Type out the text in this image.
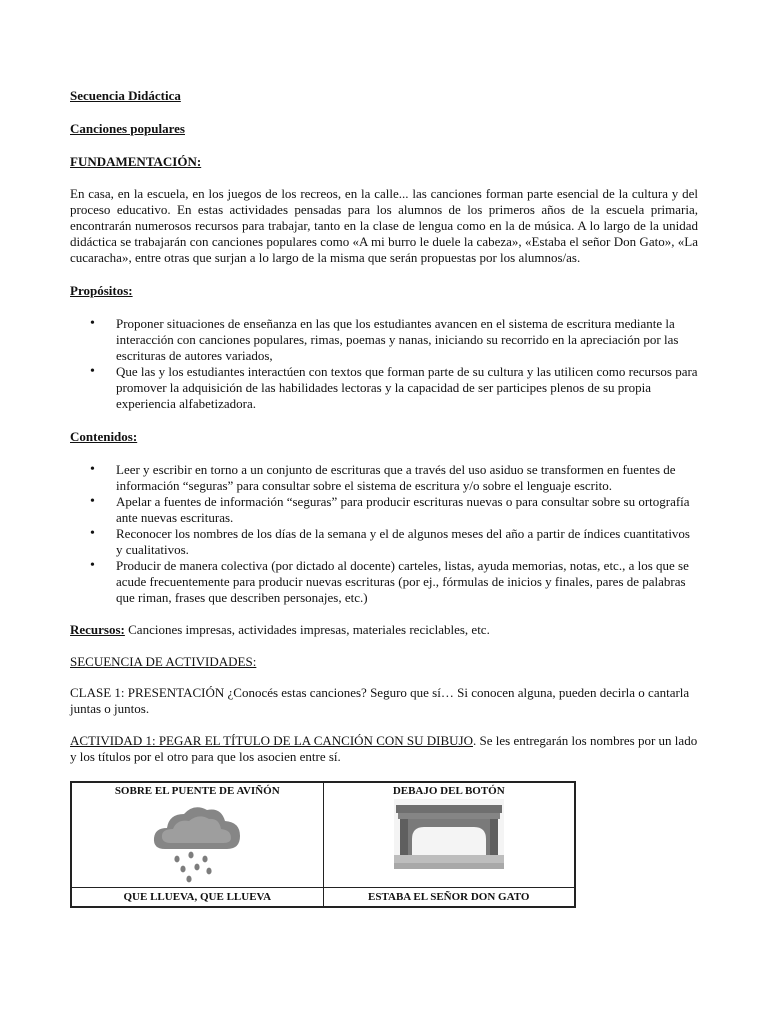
Secuencia Didáctica

Canciones populares

FUNDAMENTACIÓN:

En casa, en la escuela, en los juegos de los recreos, en la calle... las canciones forman parte esencial de la cultura y del proceso educativo. En estas actividades pensadas para los alumnos de los primeros años de la escuela primaria, encontrarán numerosos recursos para trabajar, tanto en la clase de lengua como en la de música. A lo largo de la unidad didáctica se trabajarán con canciones populares como «A mi burro le duele la cabeza», «Estaba el señor Don Gato», «La cucaracha», entre otras que surjan a lo largo de la misma que serán propuestas por los alumnos/as.

Propósitos:

• Proponer situaciones de enseñanza en las que los estudiantes avancen en el sistema de escritura mediante la interacción con canciones populares, rimas, poemas y nanas, iniciando su recorrido en la apreciación por las escrituras de autores variados,
• Que las y los estudiantes interactúen con textos que forman parte de su cultura y las utilicen como recursos para promover la adquisición de las habilidades lectoras y la capacidad de ser participes plenos de su propia experiencia alfabetizadora.

Contenidos:

• Leer y escribir en torno a un conjunto de escrituras que a través del uso asiduo se transformen en fuentes de información “seguras” para consultar sobre el sistema de escritura y/o sobre el lenguaje escrito.
• Apelar a fuentes de información “seguras” para producir escrituras nuevas o para consultar sobre su ortografía ante nuevas escrituras.
• Reconocer los nombres de los días de la semana y el de algunos meses del año a partir de índices cuantitativos y cualitativos.
• Producir de manera colectiva (por dictado al docente) carteles, listas, ayuda memorias, notas, etc., a los que se acude frecuentemente para producir nuevas escrituras (por ej., fórmulas de inicios y finales, pares de palabras que riman, frases que describen personajes, etc.)

Recursos: Canciones impresas, actividades impresas, materiales reciclables, etc.

SECUENCIA DE ACTIVIDADES:

CLASE 1: PRESENTACIÓN ¿Conocés estas canciones? Seguro que sí… Si conocen alguna, pueden decirla o cantarla juntas o juntos.

ACTIVIDAD 1: PEGAR EL TÍTULO DE LA CANCIÓN CON SU DIBUJO. Se les entregarán los nombres por un lado y los títulos por el otro para que los asocien entre sí.

SOBRE EL PUENTE DE AVIÑÓN	DEBAJO DEL BOTÓN

QUE LLUEVA, QUE LLUEVA	ESTABA EL SEÑOR DON GATO
